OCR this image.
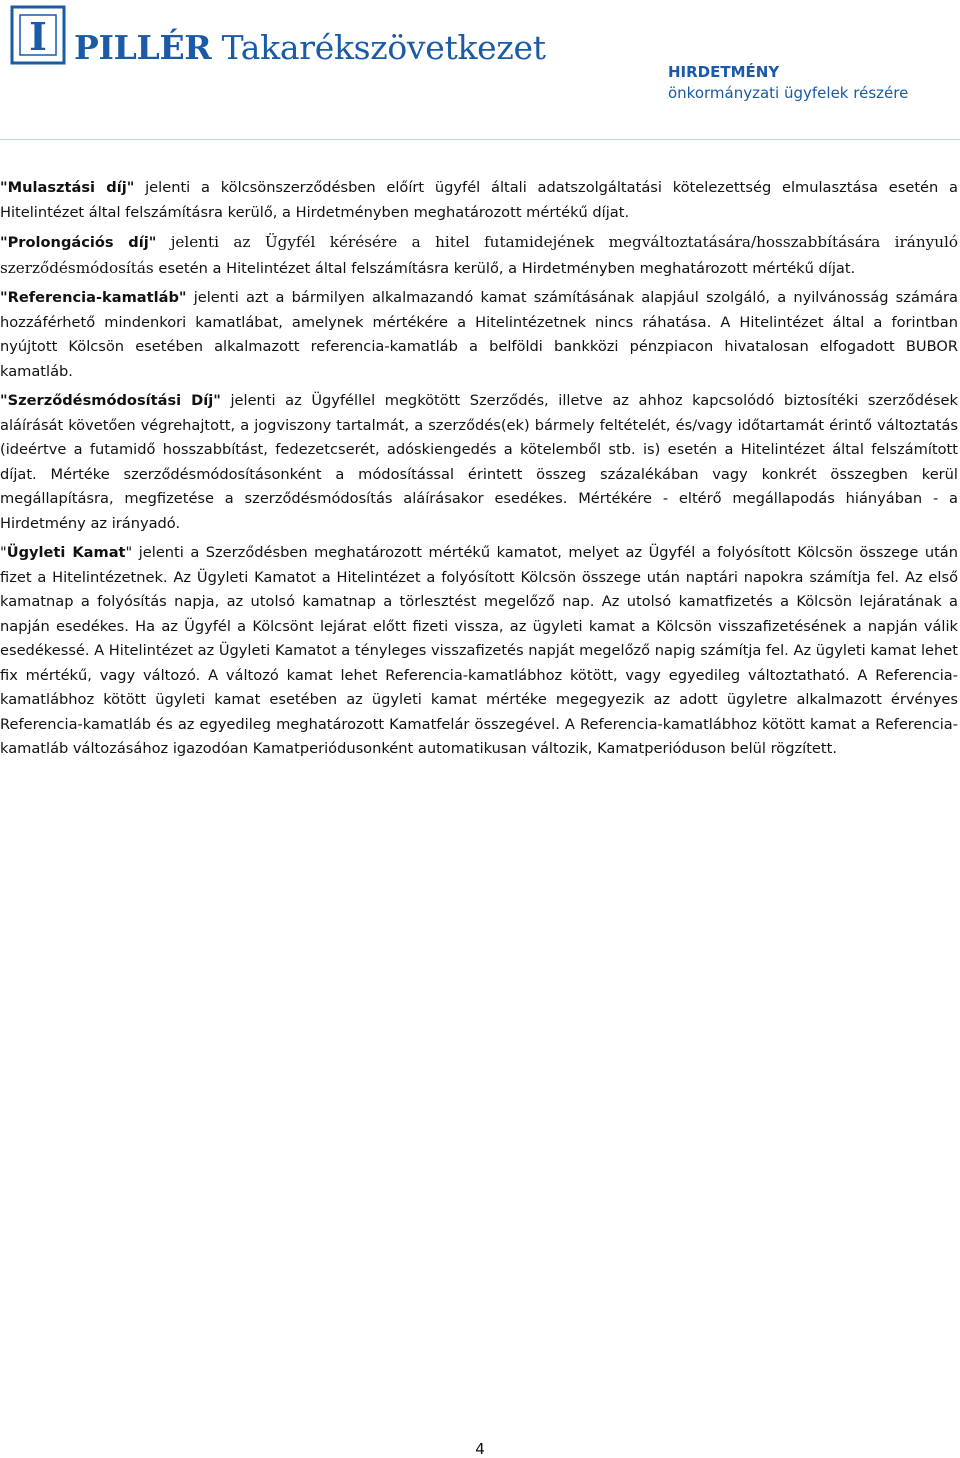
I PILLÉR Takarékszövetkezet
HIRDETMÉNY
önkormányzati ügyfelek részére

"Mulasztási díj" jelenti a kölcsönszerződésben előírt ügyfél általi adatszolgáltatási kötelezettség elmulasztása esetén a Hitelintézet által felszámításra kerülő, a Hirdetményben meghatározott mértékű díjat.

"Prolongációs díj" jelenti az Ügyfél kérésére a hitel futamidejének megváltoztatására/hosszabbítására irányuló szerződésmódosítás esetén a Hitelintézet által felszámításra kerülő, a Hirdetményben meghatározott mértékű díjat.

"Referencia-kamatláb" jelenti azt a bármilyen alkalmazandó kamat számításának alapjául szolgáló, a nyilvánosság számára hozzáférhető mindenkori kamatlábat, amelynek mértékére a Hitelintézetnek nincs ráhatása. A Hitelintézet által a forintban nyújtott Kölcsön esetében alkalmazott referencia-kamatláb a belföldi bankközi pénzpiacon hivatalosan elfogadott BUBOR kamatláb.

"Szerződésmódosítási Díj" jelenti az Ügyféllel megkötött Szerződés, illetve az ahhoz kapcsolódó biztosítéki szerződések aláírását követően végrehajtott, a jogviszony tartalmát, a szerződés(ek) bármely feltételét, és/vagy időtartamát érintő változtatás (ideértve a futamidő hosszabbítást, fedezetcserét, adóskiengedés a kötelemből stb. is) esetén a Hitelintézet által felszámított díjat. Mértéke szerződésmódosításonként a módosítással érintett összeg százalékában vagy konkrét összegben kerül megállapításra, megfizetése a szerződésmódosítás aláírásakor esedékes. Mértékére - eltérő megállapodás hiányában - a Hirdetmény az irányadó.

"Ügyleti Kamat" jelenti a Szerződésben meghatározott mértékű kamatot, melyet az Ügyfél a folyósított Kölcsön összege után fizet a Hitelintézetnek. Az Ügyleti Kamatot a Hitelintézet a folyósított Kölcsön összege után naptári napokra számítja fel. Az első kamatnap a folyósítás napja, az utolsó kamatnap a törlesztést megelőző nap. Az utolsó kamatfizetés a Kölcsön lejáratának a napján esedékes. Ha az Ügyfél a Kölcsönt lejárat előtt fizeti vissza, az ügyleti kamat a Kölcsön visszafizetésének a napján válik esedékessé. A Hitelintézet az Ügyleti Kamatot a tényleges visszafizetés napját megelőző napig számítja fel. Az ügyleti kamat lehet fix mértékű, vagy változó. A változó kamat lehet Referencia-kamatlábhoz kötött, vagy egyedileg változtatható. A Referencia-kamatlábhoz kötött ügyleti kamat esetében az ügyleti kamat mértéke megegyezik az adott ügyletre alkalmazott érvényes Referencia-kamatláb és az egyedileg meghatározott Kamatfelár összegével. A Referencia-kamatlábhoz kötött kamat a Referencia-kamatláb változásához igazodóan Kamatperiódusonként automatikusan változik, Kamatperióduson belül rögzített.

4
